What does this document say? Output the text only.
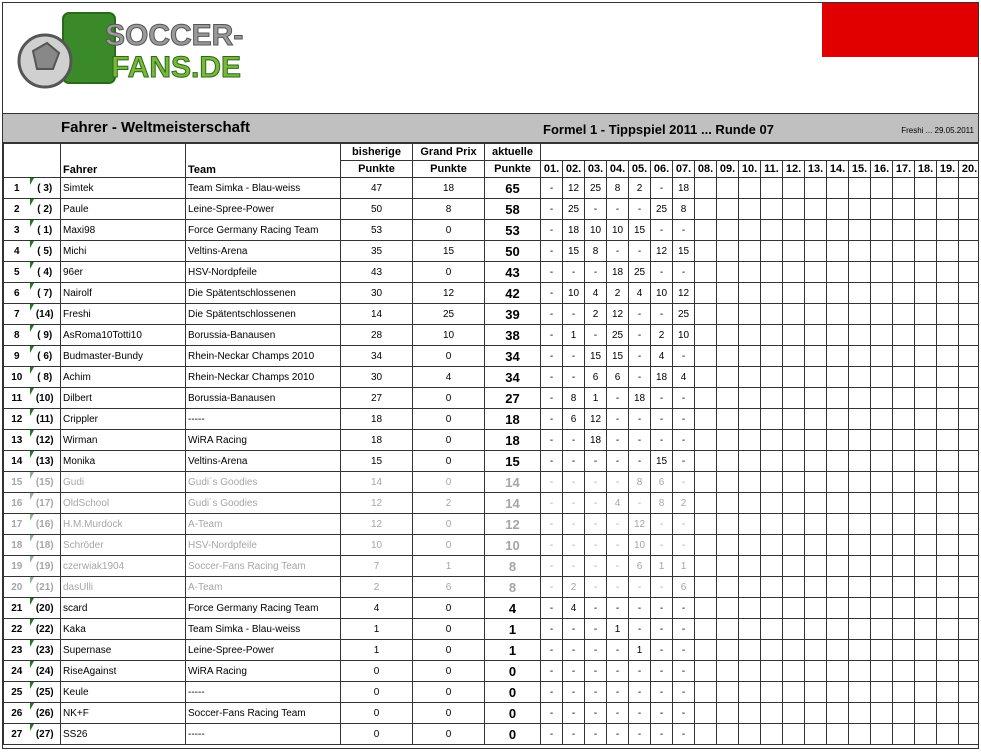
SOCCER-
FANS.DE
Fahrer - Weltmeisterschaft	Formel 1 - Tippspiel 2011 ... Runde 07	Freshi ... 29.05.2011
		Fahrer	Team	bisherige	Grand Prix	aktuelle																				
				Punkte	Punkte	Punkte	01.	02.	03.	04.	05.	06.	07.	08.	09.	10.	11.	12.	13.	14.	15.	16.	17.	18.	19.	20.
1	( 3)	Simtek	Team Simka - Blau-weiss	47	18	65	-	12	25	8	2	-	18													
2	( 2)	Paule	Leine-Spree-Power	50	8	58	-	25	-	-	-	25	8													
3	( 1)	Maxi98	Force Germany Racing Team	53	0	53	-	18	10	10	15	-	-													
4	( 5)	Michi	Veltins-Arena	35	15	50	-	15	8	-	-	12	15													
5	( 4)	96er	HSV-Nordpfeile	43	0	43	-	-	-	18	25	-	-													
6	( 7)	Nairolf	Die Spätentschlossenen	30	12	42	-	10	4	2	4	10	12													
7	(14)	Freshi	Die Spätentschlossenen	14	25	39	-	-	2	12	-	-	25													
8	( 9)	AsRoma10Totti10	Borussia-Banausen	28	10	38	-	1	-	25	-	2	10													
9	( 6)	Budmaster-Bundy	Rhein-Neckar Champs 2010	34	0	34	-	-	15	15	-	4	-													
10	( 8)	Achim	Rhein-Neckar Champs 2010	30	4	34	-	-	6	6	-	18	4													
11	(10)	Dilbert	Borussia-Banausen	27	0	27	-	8	1	-	18	-	-													
12	(11)	Crippler	-----	18	0	18	-	6	12	-	-	-	-													
13	(12)	Wirman	WiRA Racing	18	0	18	-	-	18	-	-	-	-													
14	(13)	Monika	Veltins-Arena	15	0	15	-	-	-	-	-	15	-													
15	(15)	Gudi	Gudi´s Goodies	14	0	14	-	-	-	-	8	6	-													
16	(17)	OldSchool	Gudi´s Goodies	12	2	14	-	-	-	4	-	8	2													
17	(16)	H.M.Murdock	A-Team	12	0	12	-	-	-	-	12	-	-													
18	(18)	Schröder	HSV-Nordpfeile	10	0	10	-	-	-	-	10	-	-													
19	(19)	czerwiak1904	Soccer-Fans Racing Team	7	1	8	-	-	-	-	6	1	1													
20	(21)	dasUlli	A-Team	2	6	8	-	2	-	-	-	-	6													
21	(20)	scard	Force Germany Racing Team	4	0	4	-	4	-	-	-	-	-													
22	(22)	Kaka	Team Simka - Blau-weiss	1	0	1	-	-	-	1	-	-	-													
23	(23)	Supernase	Leine-Spree-Power	1	0	1	-	-	-	-	1	-	-													
24	(24)	RiseAgainst	WiRA Racing	0	0	0	-	-	-	-	-	-	-													
25	(25)	Keule	-----	0	0	0	-	-	-	-	-	-	-													
26	(26)	NK+F	Soccer-Fans Racing Team	0	0	0	-	-	-	-	-	-	-													
27	(27)	SS26	-----	0	0	0	-	-	-	-	-	-	-													
